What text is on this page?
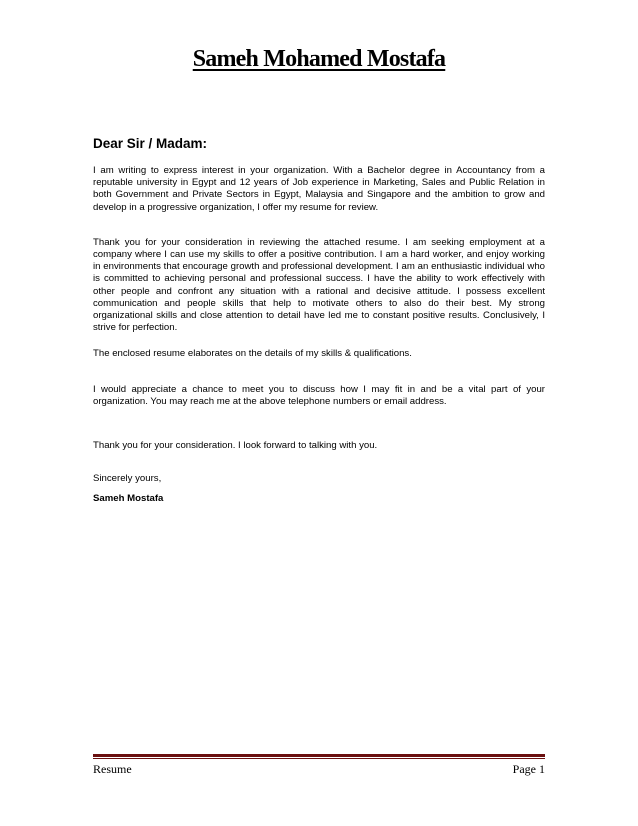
Sameh Mohamed Mostafa

Dear Sir / Madam:

I am writing to express interest in your organization. With a Bachelor degree in Accountancy from a reputable university in Egypt and 12 years of Job experience in Marketing, Sales and Public Relation in both Government and Private Sectors in Egypt, Malaysia and Singapore and the ambition to grow and develop in a progressive organization, I offer my resume for review.

Thank you for your consideration in reviewing the attached resume. I am seeking employment at a company where I can use my skills to offer a positive contribution. I am a hard worker, and enjoy working in environments that encourage growth and professional development. I am an enthusiastic individual who is committed to achieving personal and professional success. I have the ability to work effectively with other people and confront any situation with a rational and decisive attitude. I possess excellent communication and people skills that help to motivate others to also do their best. My strong organizational skills and close attention to detail have led me to constant positive results. Conclusively, I strive for perfection.

The enclosed resume elaborates on the details of my skills & qualifications.

I would appreciate a chance to meet you to discuss how I may fit in and be a vital part of your organization. You may reach me at the above telephone numbers or email address.

Thank you for your consideration. I look forward to talking with you.

Sincerely yours,

Sameh Mostafa

Resume	Page 1
